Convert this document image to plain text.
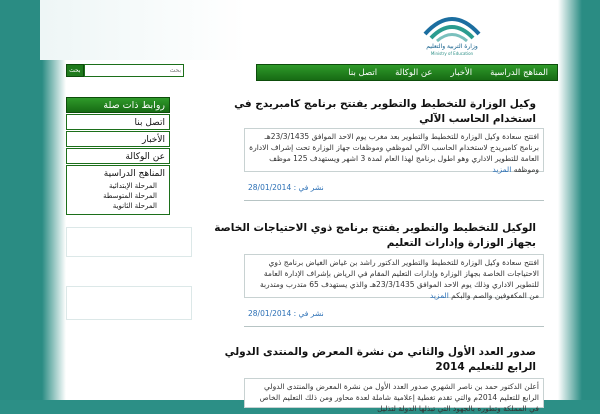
وزارة التربية والتعليم
Ministry of Education
المناهج الدراسية
الأخبار
عن الوكالة
اتصل بنا
بحث
بحث
روابط ذات صلة
اتصل بنا
الأخبار
عن الوكالة
المناهج الدراسية
المرحلة الإبتدائية
المرحلة المتوسطة
المرحلة الثانوية
وكيل الوزارة للتخطيط والتطوير يفتتح برنامج كامبريدج في استخدام الحاسب الآلي
افتتح سعادة وكيل الوزارة للتخطيط والتطوير بعد مغرب يوم الاحد الموافق 23/3/1435هـ برنامج كامبريدج لاستخدام الحاسب الآلي لموظفي وموظفات جهاز الوزارة تحت إشراف الادارة العامة للتطوير الاداري وهو اطول برنامج لهذا العام لمدة 3 اشهر ويستهدف 125 موظف وموظفه المزيد
نشر في : 28/01/2014
الوكيل للتخطيط والتطوير يفتتح برنامج ذوي الاحتياجات الخاصة بجهاز الوزارة وإدارات التعليم
افتتح سعادة وكيل الوزارة للتخطيط والتطوير الدكتور راشد بن غياض الغياض برنامج ذوي الاحتياجات الخاصة بجهاز الوزارة وإدارات التعليم المقام في الرياض بإشراف الإدارة العامة للتطوير الاداري وذلك يوم الاحد الموافق 23/3/1435هـ والذي يستهدف 65 متدرب ومتدربة من المكفوفين والصم والبكم المزيد
نشر في : 28/01/2014
صدور العدد الأول والثاني من نشرة المعرض والمنتدى الدولي الرابع للتعليم 2014
أعلن الدكتور حمد بن ناصر الشهري صدور العدد الأول من نشرة المعرض والمنتدى الدولي الرابع للتعليم 2014م والتي تقدم تغطية إعلامية شاملة لعدة محاور ومن ذلك التعليم الخاص في المملكة وتطوره بالجهود التي تبذلها الدولة لتذليل
